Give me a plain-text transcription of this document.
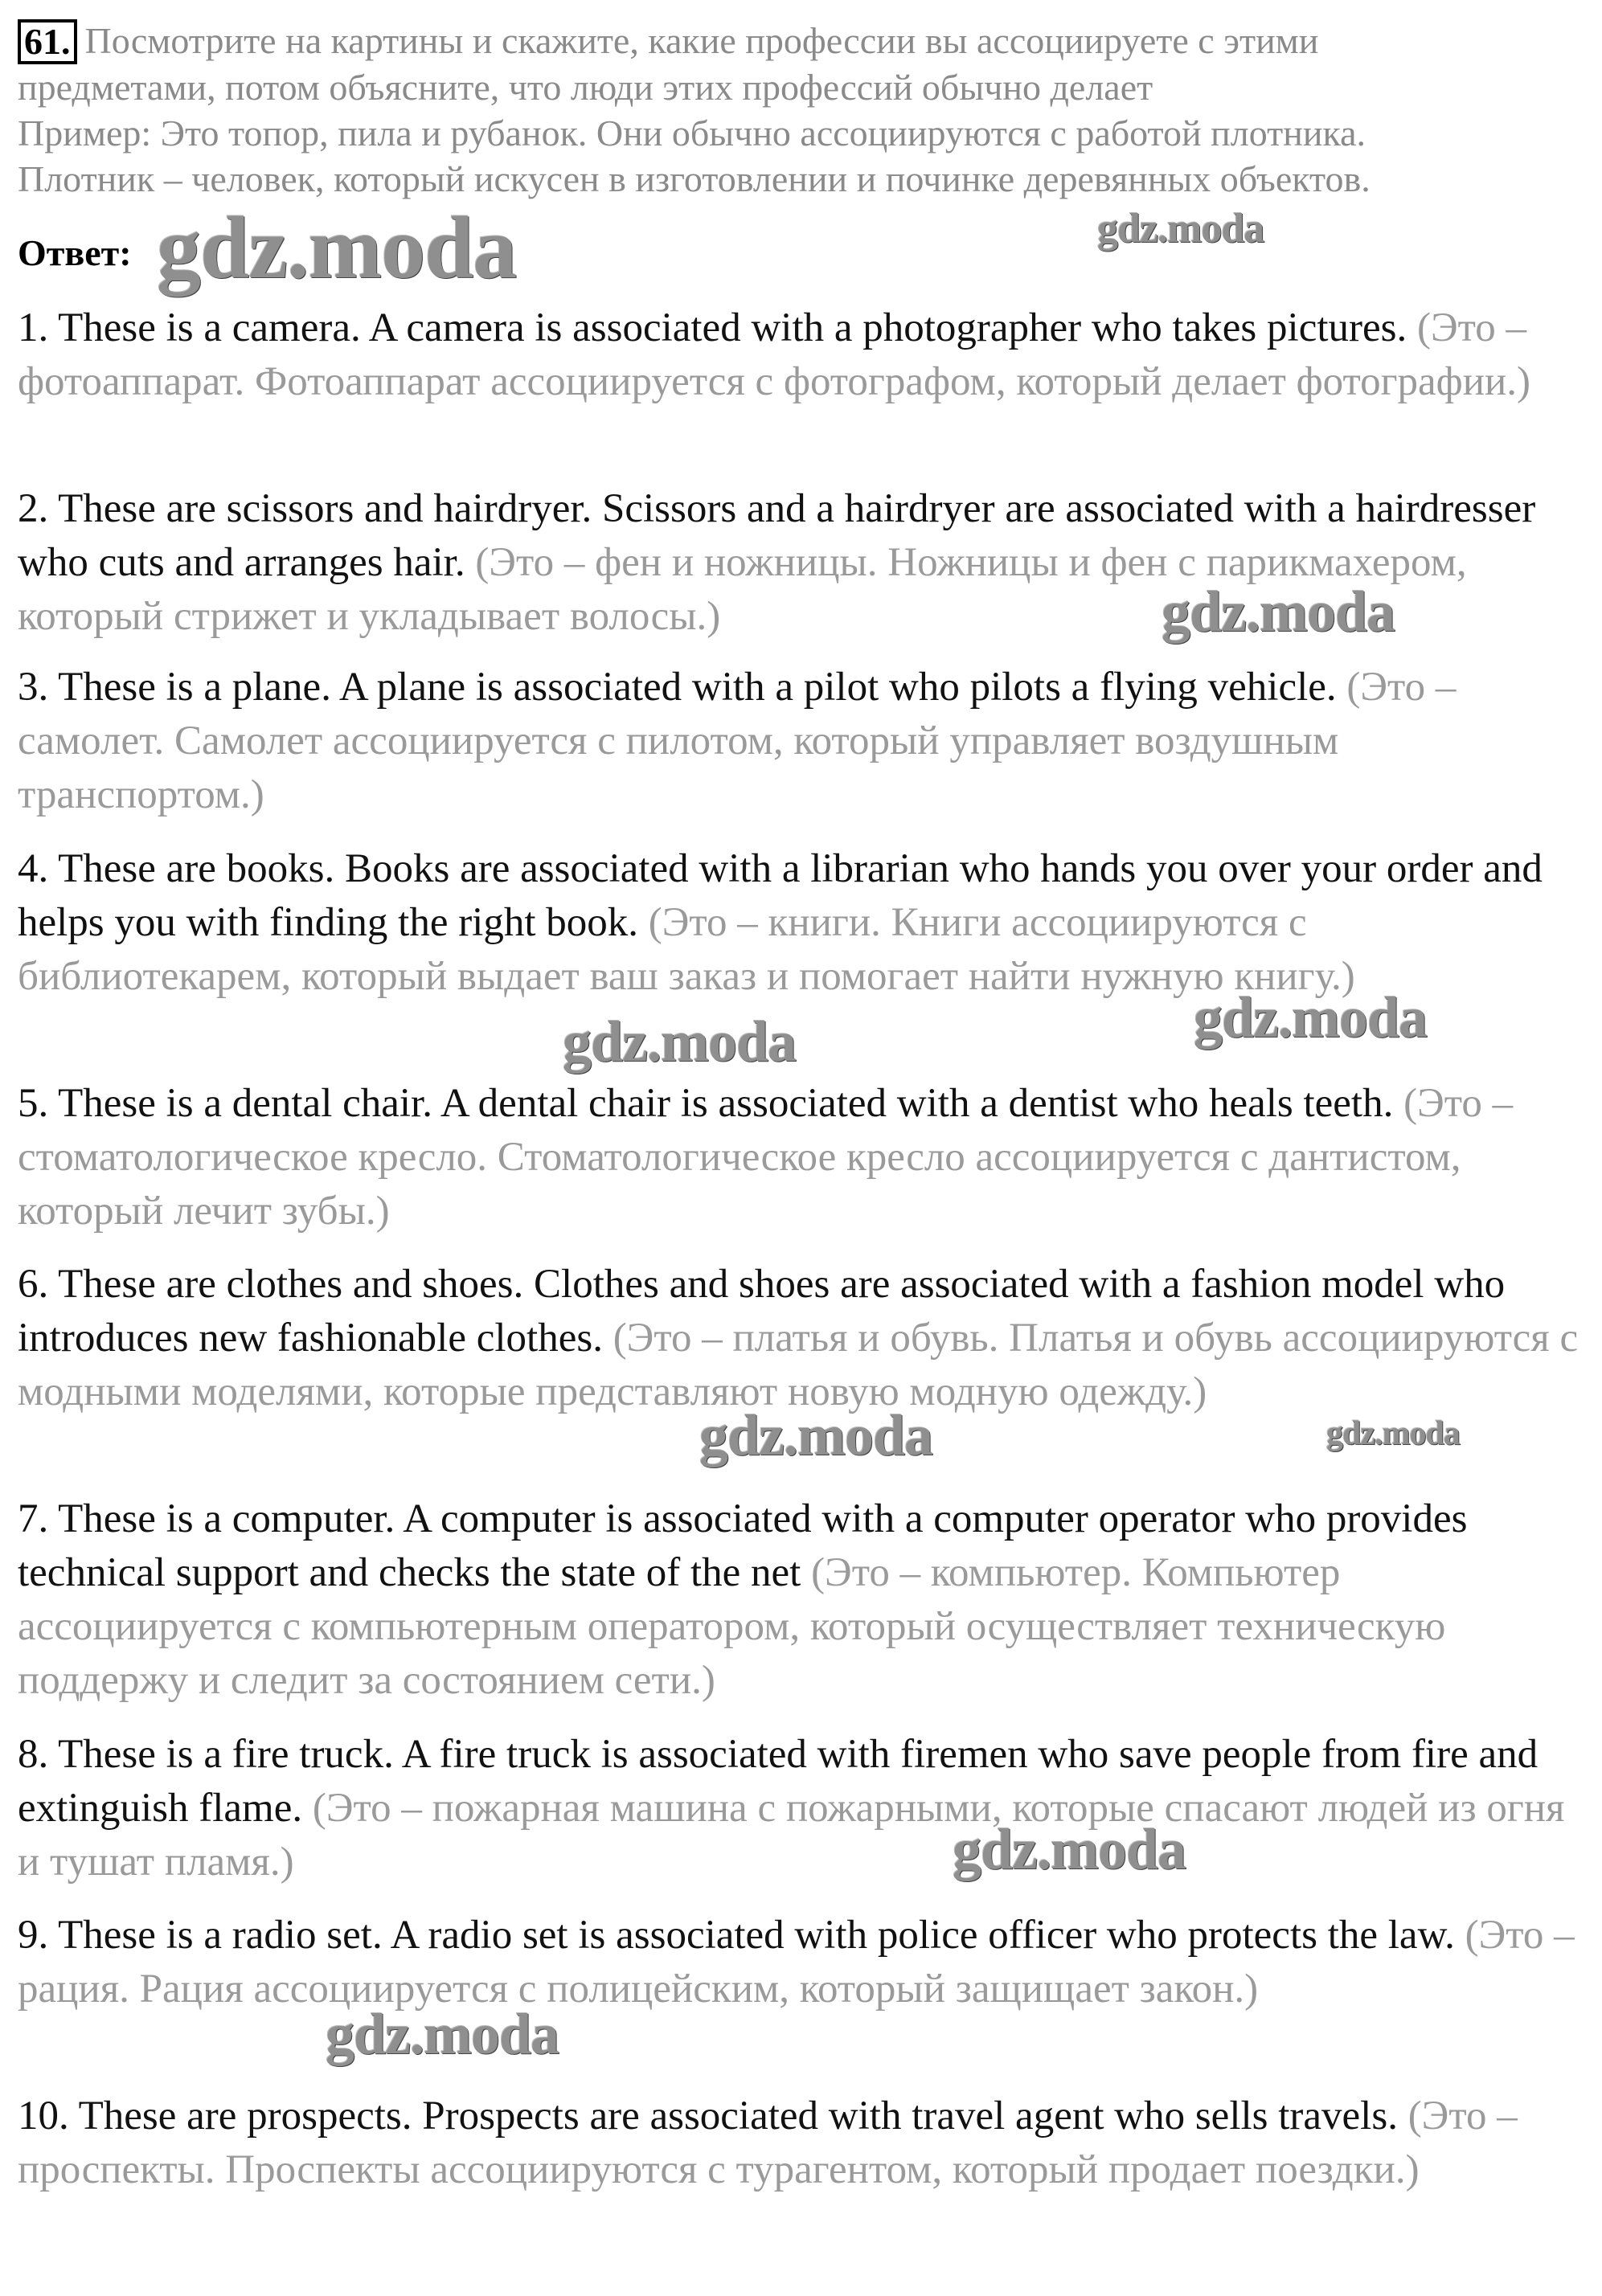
61. Посмотрите на картины и скажите, какие профессии вы ассоциируете с этими
предметами, потом объясните, что люди этих профессий обычно делает
Пример: Это топор, пила и рубанок. Они обычно ассоциируются с работой плотника.
Плотник – человек, который искусен в изготовлении и починке деревянных объектов.
Ответ:
1. These is a camera. A camera is associated with a photographer who takes pictures. (Это – фотоаппарат. Фотоаппарат ассоциируется с фотографом, который делает фотографии.)
2. These are scissors and hairdryer. Scissors and a hairdryer are associated with a hairdresser who cuts and arranges hair. (Это – фен и ножницы. Ножницы и фен с парикмахером, который стрижет и укладывает волосы.)
3. These is a plane. A plane is associated with a pilot who pilots a flying vehicle. (Это – самолет. Самолет ассоциируется с пилотом, который управляет воздушным транспортом.)
4. These are books. Books are associated with a librarian who hands you over your order and helps you with finding the right book. (Это – книги. Книги ассоциируются с библиотекарем, который выдает ваш заказ и помогает найти нужную книгу.)
5. These is a dental chair. A dental chair is associated with a dentist who heals teeth. (Это – стоматологическое кресло. Стоматологическое кресло ассоциируется с дантистом, который лечит зубы.)
6. These are clothes and shoes. Clothes and shoes are associated with a fashion model who introduces new fashionable clothes. (Это – платья и обувь. Платья и обувь ассоциируются с модными моделями, которые представляют новую модную одежду.)
7. These is a computer. A computer is associated with a computer operator who provides technical support and checks the state of the net (Это – компьютер. Компьютер ассоциируется с компьютерным оператором, который осуществляет техническую поддержу и следит за состоянием сети.)
8. These is a fire truck. A fire truck is associated with firemen who save people from fire and extinguish flame. (Это – пожарная машина с пожарными, которые спасают людей из огня и тушат пламя.)
9. These is a radio set. A radio set is associated with police officer who protects the law. (Это – рация. Рация ассоциируется с полицейским, который защищает закон.)
10. These are prospects. Prospects are associated with travel agent who sells travels. (Это – проспекты. Проспекты ассоциируются с турагентом, который продает поездки.)
gdz.moda	gdz.moda
gdz.moda
gdz.moda	gdz.moda
gdz.moda	gdz.moda
gdz.moda
gdz.moda
